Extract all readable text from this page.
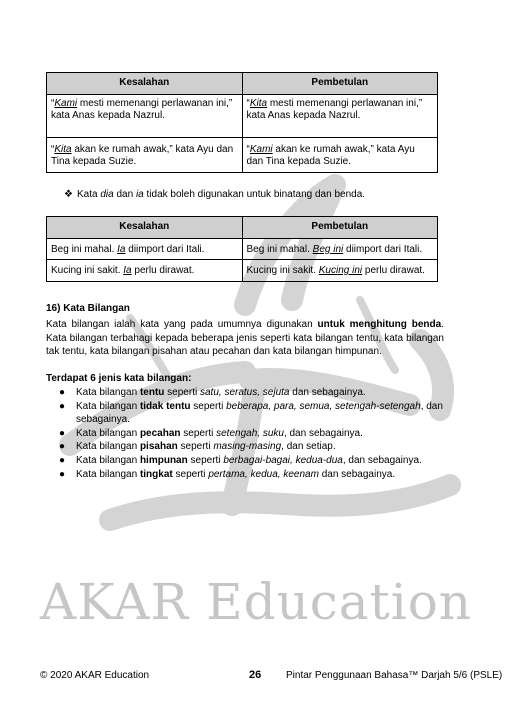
AKAR Education
Kesalahan	Pembetulan
“Kami mesti memenangi perlawanan ini,” kata Anas kepada Nazrul.	“Kita mesti memenangi perlawanan ini,” kata Anas kepada Nazrul.
“Kita akan ke rumah awak,” kata Ayu dan Tina kepada Suzie.	“Kami akan ke rumah awak,” kata Ayu dan Tina kepada Suzie.
❖ Kata dia dan ia tidak boleh digunakan untuk binatang dan benda.
Kesalahan	Pembetulan
Beg ini mahal. Ia diimport dari Itali.	Beg ini mahal. Beg ini diimport dari Itali.
Kucing ini sakit. Ia perlu dirawat.	Kucing ini sakit. Kucing ini perlu dirawat.
16) Kata Bilangan
Kata bilangan ialah kata yang pada umumnya digunakan untuk menghitung benda. Kata bilangan terbahagi kepada beberapa jenis seperti kata bilangan tentu, kata bilangan tak tentu, kata bilangan pisahan atau pecahan dan kata bilangan himpunan.
Terdapat 6 jenis kata bilangan:
● Kata bilangan tentu seperti satu, seratus, sejuta dan sebagainya.
● Kata bilangan tidak tentu seperti beberapa, para, semua, setengah-setengah, dan sebagainya.
● Kata bilangan pecahan seperti setengah, suku, dan sebagainya.
● Kata bilangan pisahan seperti masing-masing, dan setiap.
● Kata bilangan himpunan seperti berbagai-bagai, kedua-dua, dan sebagainya.
● Kata bilangan tingkat seperti pertama, kedua, keenam dan sebagainya.
© 2020 AKAR Education	26 Pintar Penggunaan Bahasa™ Darjah 5/6 (PSLE)
